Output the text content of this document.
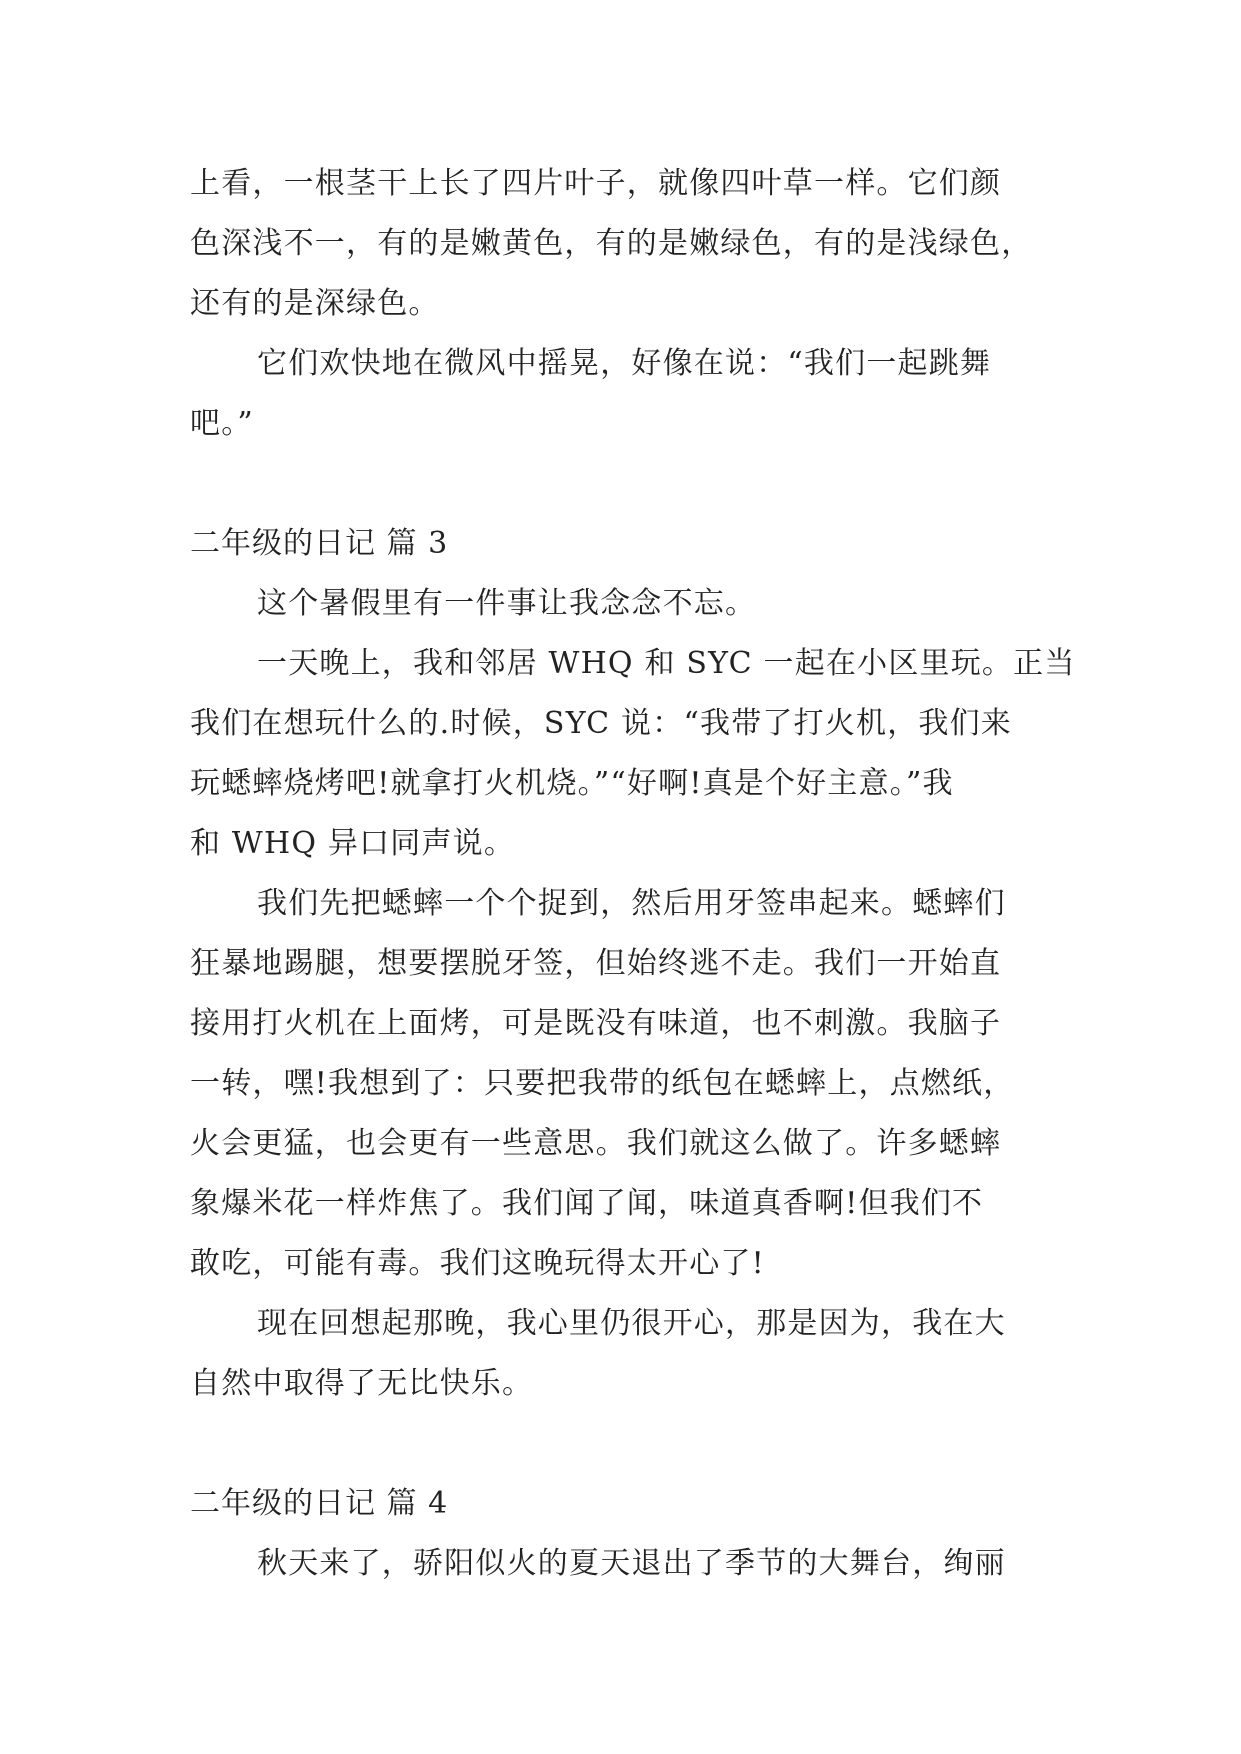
上看，一根茎干上长了四片叶子，就像四叶草一样。它们颜
色深浅不一，有的是嫩黄色，有的是嫩绿色，有的是浅绿色，
还有的是深绿色。
它们欢快地在微风中摇晃，好像在说：“我们一起跳舞
吧。”
二年级的日记 篇 3
这个暑假里有一件事让我念念不忘。
一天晚上，我和邻居 WHQ 和 SYC 一起在小区里玩。正当
我们在想玩什么的.时候，SYC 说：“我带了打火机，我们来
玩蟋蟀烧烤吧!就拿打火机烧。”“好啊!真是个好主意。”我
和 WHQ 异口同声说。
我们先把蟋蟀一个个捉到，然后用牙签串起来。蟋蟀们
狂暴地踢腿，想要摆脱牙签，但始终逃不走。我们一开始直
接用打火机在上面烤，可是既没有味道，也不刺激。我脑子
一转，嘿!我想到了：只要把我带的纸包在蟋蟀上，点燃纸，
火会更猛，也会更有一些意思。我们就这么做了。许多蟋蟀
象爆米花一样炸焦了。我们闻了闻，味道真香啊!但我们不
敢吃，可能有毒。我们这晚玩得太开心了!
现在回想起那晚，我心里仍很开心，那是因为，我在大
自然中取得了无比快乐。
二年级的日记 篇 4
秋天来了，骄阳似火的夏天退出了季节的大舞台，绚丽
